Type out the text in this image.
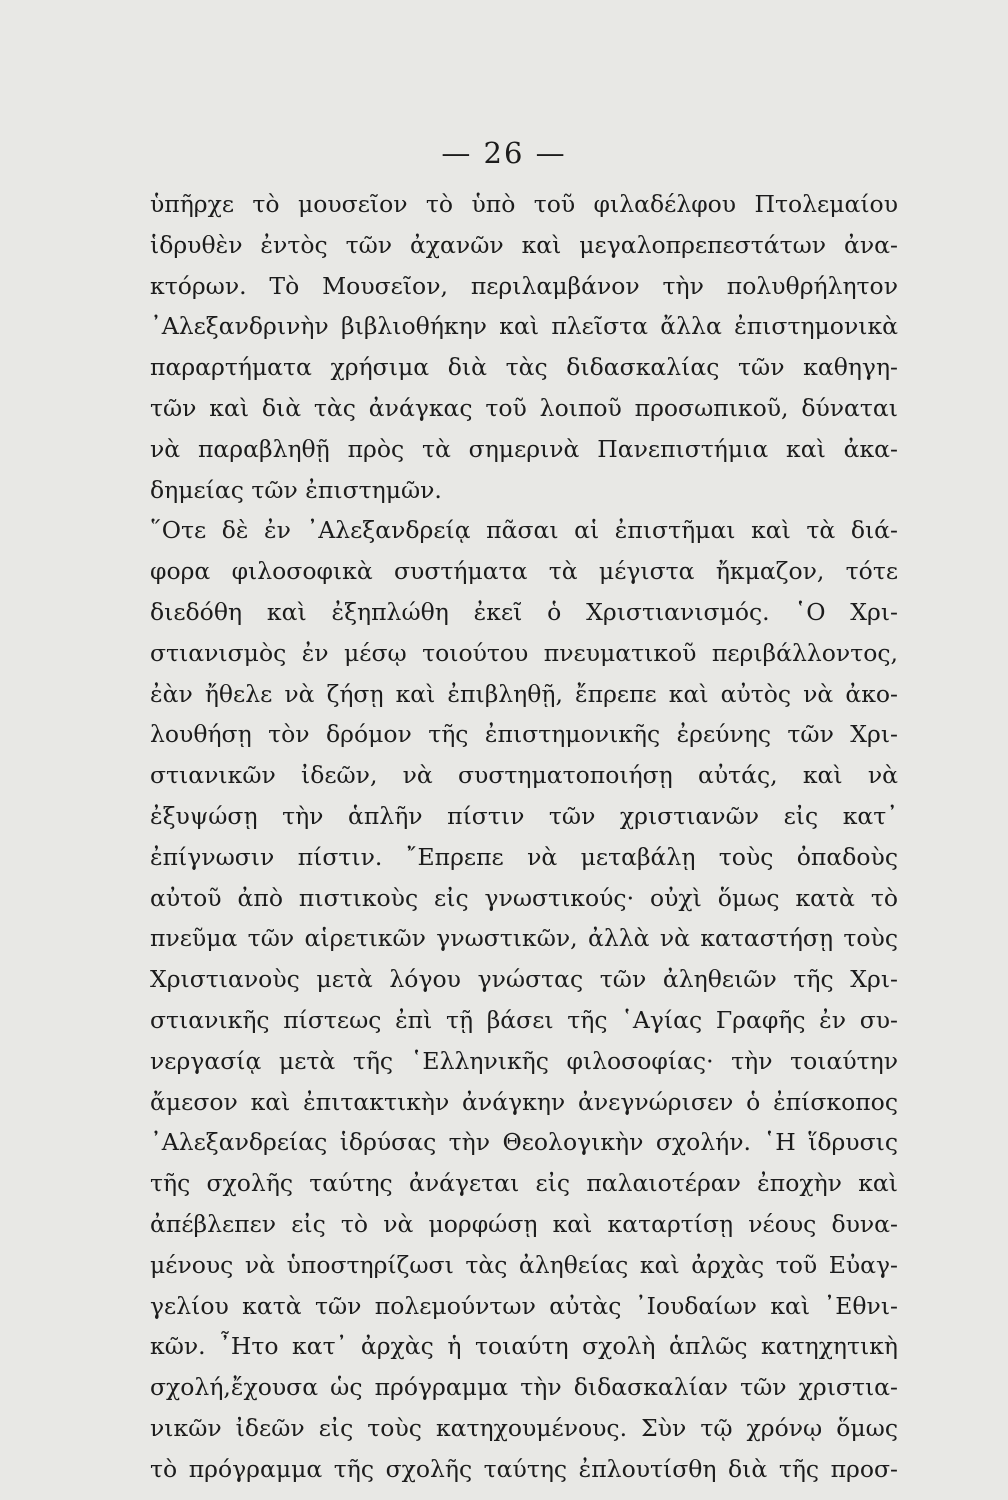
— 26 —
ὑπῆρχε τὸ μουσεῖον τὸ ὑπὸ τοῦ φιλαδέλφου Πτολεμαίου
ἱδρυθὲν ἐντὸς τῶν ἀχανῶν καὶ μεγαλοπρεπεστάτων ἀνα-
κτόρων. Τὸ Μουσεῖον, περιλαμβάνον τὴν πολυθρήλητον
᾽Αλεξανδρινὴν βιβλιοθήκην καὶ πλεῖστα ἄλλα ἐπιστημονικὰ
παραρτήματα χρήσιμα διὰ τὰς διδασκαλίας τῶν καθηγη-
τῶν καὶ διὰ τὰς ἀνάγκας τοῦ λοιποῦ προσωπικοῦ, δύναται
νὰ παραβληθῇ πρὸς τὰ σημερινὰ Πανεπιστήμια καὶ ἀκα-
δημείας τῶν ἐπιστημῶν.
῞Οτε δὲ ἐν ᾽Αλεξανδρείᾳ πᾶσαι αἱ ἐπιστῆμαι καὶ τὰ διά-
φορα φιλοσοφικὰ συστήματα τὰ μέγιστα ἤκμαζον, τότε
διεδόθη καὶ ἐξηπλώθη ἐκεῖ ὁ Χριστιανισμός. ῾Ο Χρι-
στιανισμὸς ἐν μέσῳ τοιούτου πνευματικοῦ περιβάλλοντος,
ἐὰν ἤθελε νὰ ζήσῃ καὶ ἐπιβληθῇ, ἔπρεπε καὶ αὐτὸς νὰ ἀκο-
λουθήσῃ τὸν δρόμον τῆς ἐπιστημονικῆς ἐρεύνης τῶν Χρι-
στιανικῶν ἰδεῶν, νὰ συστηματοποιήσῃ αὐτάς, καὶ νὰ
ἐξυψώσῃ τὴν ἁπλῆν πίστιν τῶν χριστιανῶν εἰς κατ᾽
ἐπίγνωσιν πίστιν. ῎Επρεπε νὰ μεταβάλῃ τοὺς ὀπαδοὺς
αὐτοῦ ἀπὸ πιστικοὺς εἰς γνωστικούς· οὐχὶ ὅμως κατὰ τὸ
πνεῦμα τῶν αἱρετικῶν γνωστικῶν, ἀλλὰ νὰ καταστήσῃ τοὺς
Χριστιανοὺς μετὰ λόγου γνώστας τῶν ἀληθειῶν τῆς Χρι-
στιανικῆς πίστεως ἐπὶ τῇ βάσει τῆς ῾Αγίας Γραφῆς ἐν συ-
νεργασίᾳ μετὰ τῆς ῾Ελληνικῆς φιλοσοφίας· τὴν τοιαύτην
ἄμεσον καὶ ἐπιτακτικὴν ἀνάγκην ἀνεγνώρισεν ὁ ἐπίσκοπος
᾽Αλεξανδρείας ἱδρύσας τὴν Θεολογικὴν σχολήν. ῾Η ἵδρυσις
τῆς σχολῆς ταύτης ἀνάγεται εἰς παλαιοτέραν ἐποχὴν καὶ
ἀπέβλεπεν εἰς τὸ νὰ μορφώσῃ καὶ καταρτίσῃ νέους δυνα-
μένους νὰ ὑποστηρίζωσι τὰς ἀληθείας καὶ ἀρχὰς τοῦ Εὐαγ-
γελίου κατὰ τῶν πολεμούντων αὐτὰς ᾽Ιουδαίων καὶ ᾽Εθνι-
κῶν. ῏Ητο κατ᾽ ἀρχὰς ἡ τοιαύτη σχολὴ ἁπλῶς κατηχητικὴ
σχολή,ἔχουσα ὡς πρόγραμμα τὴν διδασκαλίαν τῶν χριστια-
νικῶν ἰδεῶν εἰς τοὺς κατηχουμένους. Σὺν τῷ χρόνῳ ὅμως
τὸ πρόγραμμα τῆς σχολῆς ταύτης ἐπλουτίσθη διὰ τῆς προσ-
